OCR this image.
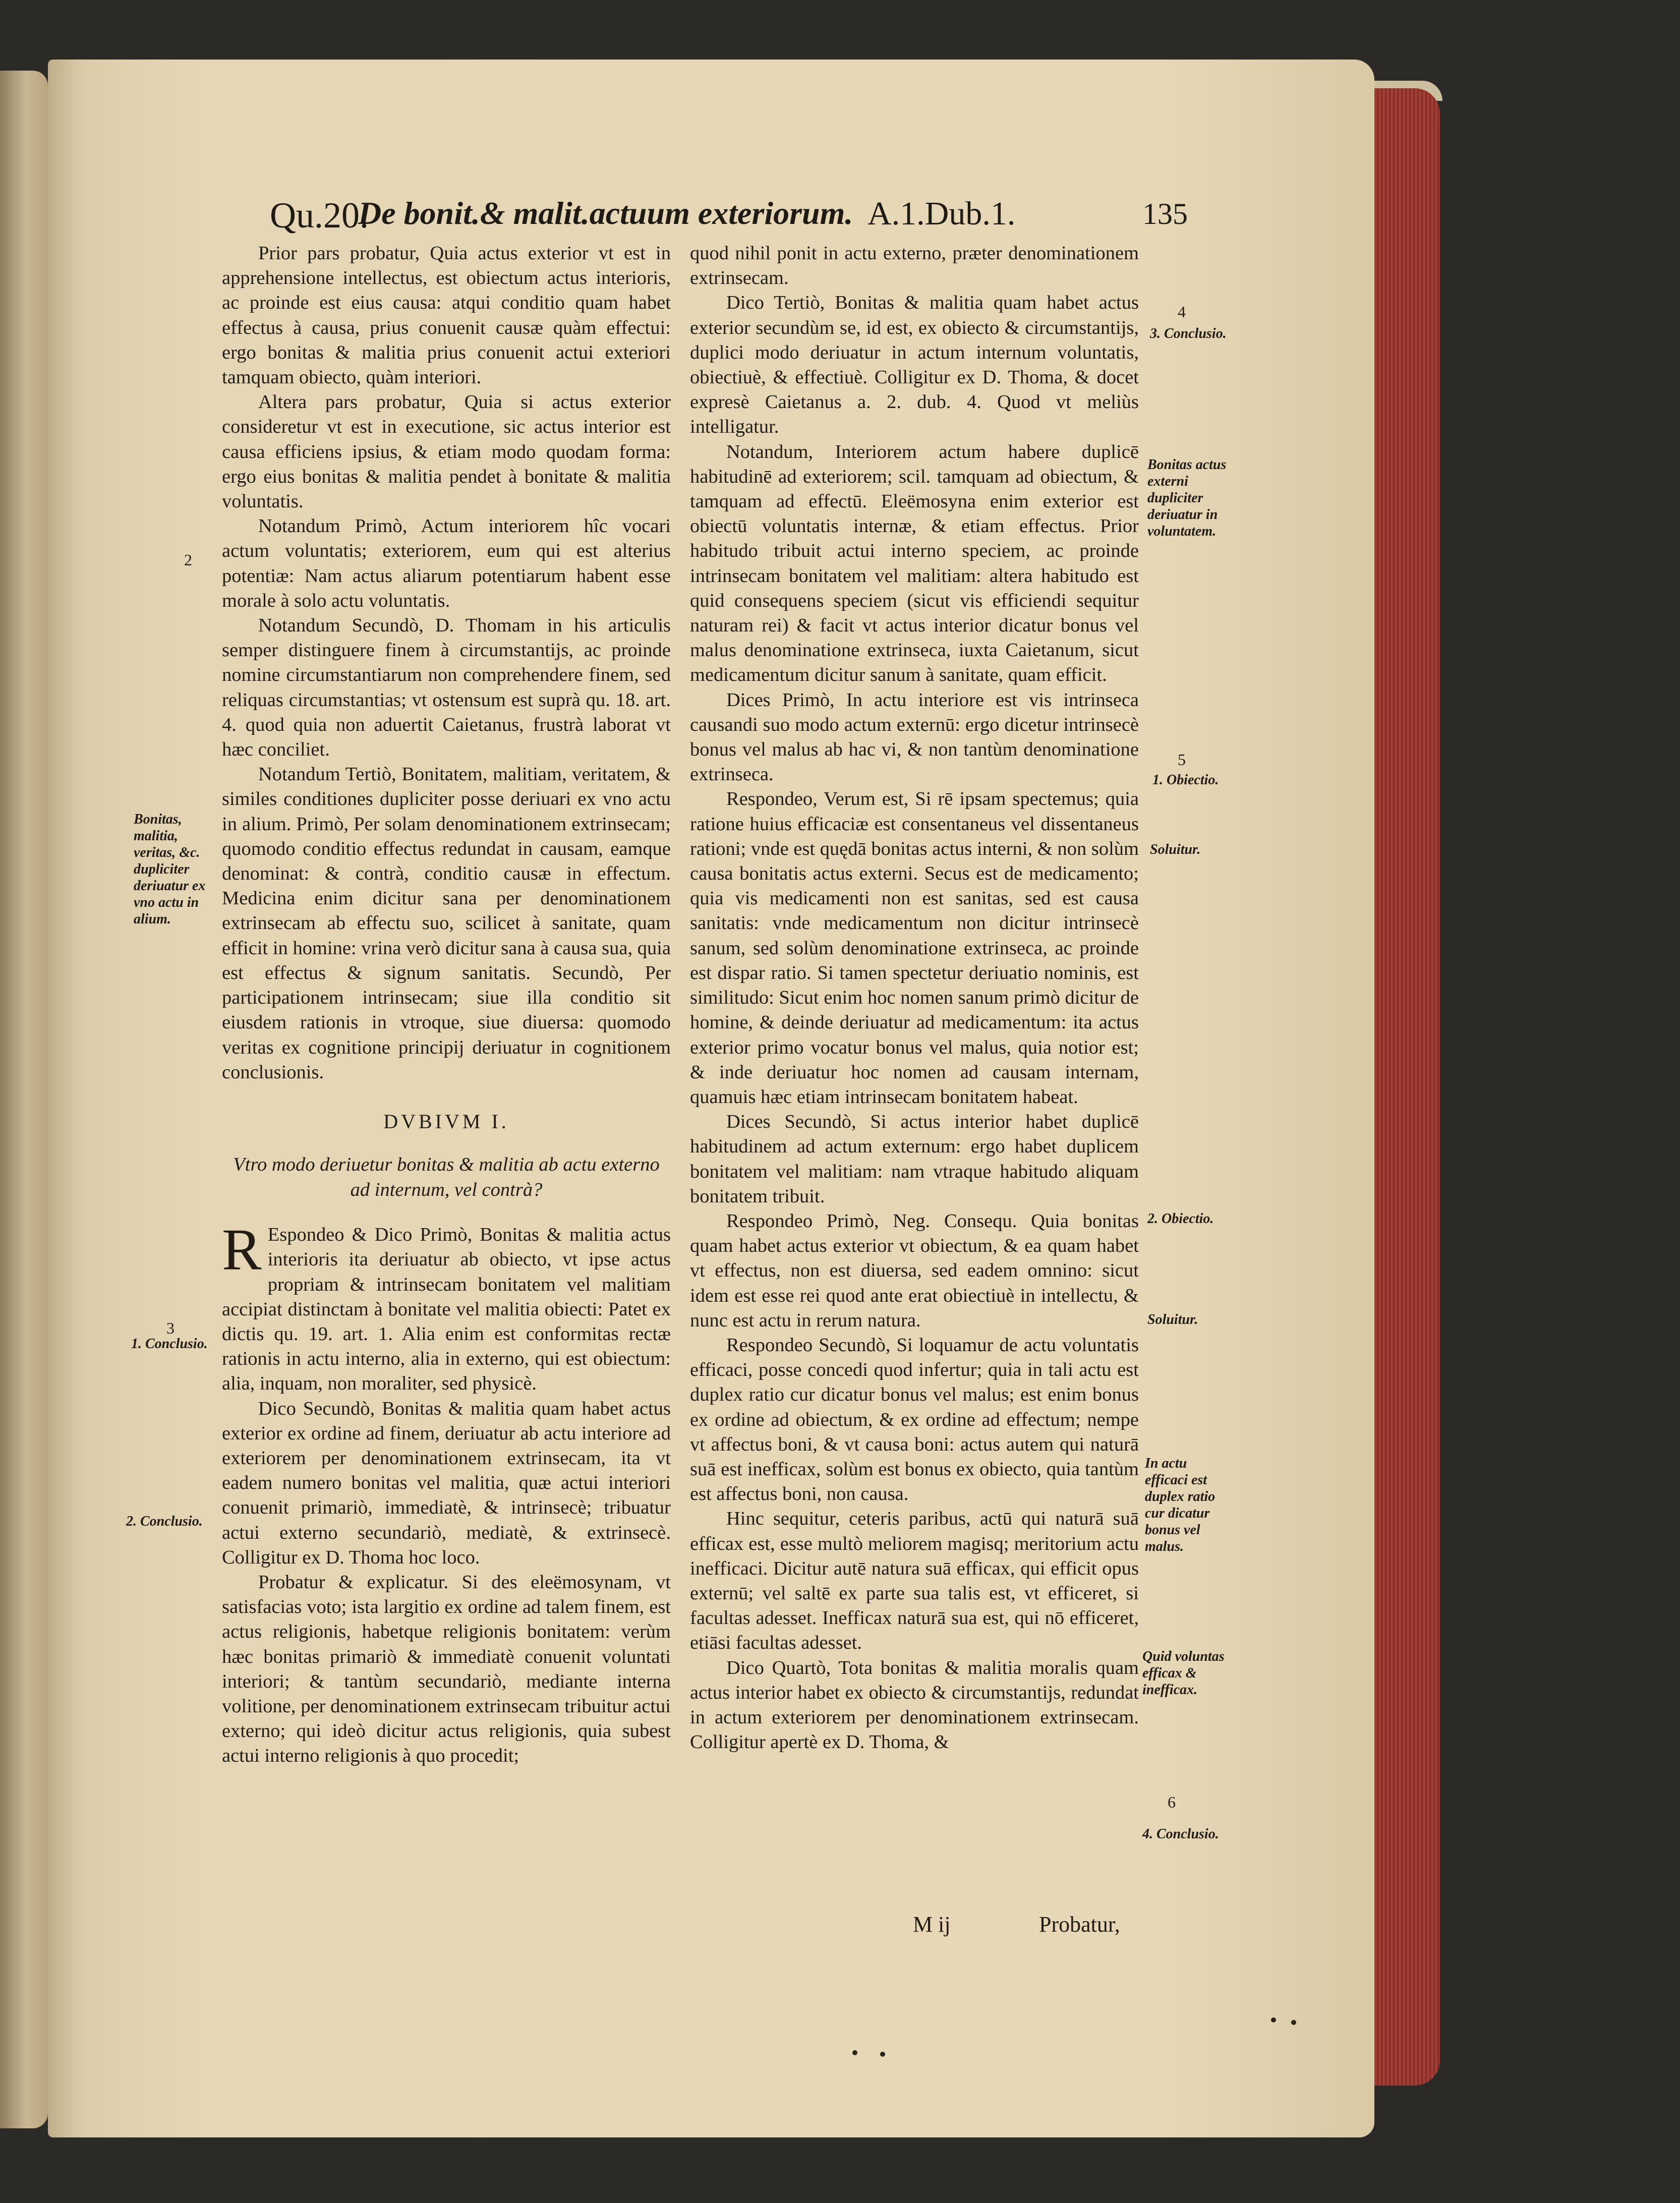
Qu.20.
De bonit.& malit.actuum exteriorum. A.1.Dub.1.	135

Prior pars probatur, Quia actus exterior vt est in apprehensione intellectus, est obiectum actus interioris, ac proinde est eius causa: atqui conditio quam habet effectus à causa, prius conuenit causæ quàm effectui: ergo bonitas & malitia prius conuenit actui exteriori tamquam obiecto, quàm interiori.

Altera pars probatur, Quia si actus exterior consideretur vt est in executione, sic actus interior est causa efficiens ipsius, & etiam modo quodam forma: ergo eius bonitas & malitia pendet à bonitate & malitia voluntatis.

Notandum Primò, Actum interiorem hîc vocari actum voluntatis; exteriorem, eum qui est alterius potentiæ: Nam actus aliarum potentiarum habent esse morale à solo actu voluntatis.

Notandum Secundò, D. Thomam in his articulis semper distinguere finem à circumstantijs, ac proinde nomine circumstantiarum non comprehendere finem, sed reliquas circumstantias; vt ostensum est suprà qu. 18. art. 4. quod quia non aduertit Caietanus, frustrà laborat vt hæc conciliet.

Notandum Tertiò, Bonitatem, malitiam, veritatem, & similes conditiones dupliciter posse deriuari ex vno actu in alium. Primò, Per solam denominationem extrinsecam; quomodo conditio effectus redundat in causam, eamque denominat: & contrà, conditio causæ in effectum. Medicina enim dicitur sana per denominationem extrinsecam ab effectu suo, scilicet à sanitate, quam efficit in homine: vrina verò dicitur sana à causa sua, quia est effectus & signum sanitatis. Secundò, Per participationem intrinsecam; siue illa conditio sit eiusdem rationis in vtroque, siue diuersa: quomodo veritas ex cognitione principij deriuatur in cognitionem conclusionis.

DVBIVM I.

Vtro modo deriuetur bonitas & malitia ab actu externo ad internum, vel contrà?

R Espondeo & Dico Primò, Bonitas & malitia actus interioris ita deriuatur ab obiecto, vt ipse actus propriam & intrinsecam bonitatem vel malitiam accipiat distinctam à bonitate vel malitia obiecti: Patet ex dictis qu. 19. art. 1. Alia enim est conformitas rectæ rationis in actu interno, alia in externo, qui est obiectum: alia, inquam, non moraliter, sed physicè.

Dico Secundò, Bonitas & malitia quam habet actus exterior ex ordine ad finem, deriuatur ab actu interiore ad exteriorem per denominationem extrinsecam, ita vt eadem numero bonitas vel malitia, quæ actui interiori conuenit primariò, immediatè, & intrinsecè; tribuatur actui externo secundariò, mediatè, & extrinsecè. Colligitur ex D. Thoma hoc loco.

Probatur & explicatur. Si des eleëmosynam, vt satisfacias voto; ista largitio ex ordine ad talem finem, est actus religionis, habetque religionis bonitatem: verùm hæc bonitas primariò & immediatè conuenit voluntati interiori; & tantùm secundariò, mediante interna volitione, per denominationem extrinsecam tribuitur actui externo; qui ideò dicitur actus religionis, quia subest actui interno religionis à quo procedit;

quod nihil ponit in actu externo, præter denominationem extrinsecam.

Dico Tertiò, Bonitas & malitia quam habet actus exterior secundùm se, id est, ex obiecto & circumstantijs, duplici modo deriuatur in actum internum voluntatis, obiectiuè, & effectiuè. Colligitur ex D. Thoma, & docet expresè Caietanus a. 2. dub. 4. Quod vt meliùs intelligatur.

Notandum, Interiorem actum habere duplicē habitudinē ad exteriorem; scil. tamquam ad obiectum, & tamquam ad effectū. Eleëmosyna enim exterior est obiectū voluntatis internæ, & etiam effectus. Prior habitudo tribuit actui interno speciem, ac proinde intrinsecam bonitatem vel malitiam: altera habitudo est quid consequens speciem (sicut vis efficiendi sequitur naturam rei) & facit vt actus interior dicatur bonus vel malus denominatione extrinseca, iuxta Caietanum, sicut medicamentum dicitur sanum à sanitate, quam efficit.

Dices Primò, In actu interiore est vis intrinseca causandi suo modo actum externū: ergo dicetur intrinsecè bonus vel malus ab hac vi, & non tantùm denominatione extrinseca.

Respondeo, Verum est, Si rē ipsam spectemus; quia ratione huius efficaciæ est consentaneus vel dissentaneus rationi; vnde est quędā bonitas actus interni, & non solùm causa bonitatis actus externi. Secus est de medicamento; quia vis medicamenti non est sanitas, sed est causa sanitatis: vnde medicamentum non dicitur intrinsecè sanum, sed solùm denominatione extrinseca, ac proinde est dispar ratio. Si tamen spectetur deriuatio nominis, est similitudo: Sicut enim hoc nomen sanum primò dicitur de homine, & deinde deriuatur ad medicamentum: ita actus exterior primo vocatur bonus vel malus, quia notior est; & inde deriuatur hoc nomen ad causam internam, quamuis hæc etiam intrinsecam bonitatem habeat.

Dices Secundò, Si actus interior habet duplicē habitudinem ad actum externum: ergo habet duplicem bonitatem vel malitiam: nam vtraque habitudo aliquam bonitatem tribuit.

Respondeo Primò, Neg. Consequ. Quia bonitas quam habet actus exterior vt obiectum, & ea quam habet vt effectus, non est diuersa, sed eadem omnino: sicut idem est esse rei quod ante erat obiectiuè in intellectu, & nunc est actu in rerum natura.

Respondeo Secundò, Si loquamur de actu voluntatis efficaci, posse concedi quod infertur; quia in tali actu est duplex ratio cur dicatur bonus vel malus; est enim bonus ex ordine ad obiectum, & ex ordine ad effectum; nempe vt affectus boni, & vt causa boni: actus autem qui naturā suā est inefficax, solùm est bonus ex obiecto, quia tantùm est affectus boni, non causa.

Hinc sequitur, ceteris paribus, actū qui naturā suā efficax est, esse multò meliorem magisq; meritorium actu inefficaci. Dicitur autē natura suā efficax, qui efficit opus externū; vel saltē ex parte sua talis est, vt efficeret, si facultas adesset. Inefficax naturā sua est, qui nō efficeret, etiāsi facultas adesset.

Dico Quartò, Tota bonitas & malitia moralis quam actus interior habet ex obiecto & circumstantijs, redundat in actum exteriorem per denominationem extrinsecam. Colligitur apertè ex D. Thoma, &

2
Bonitas, malitia, veritas, &c. dupliciter deriuatur ex vno actu in alium.
3
1. Conclusio.
2. Conclusio.
4
3. Conclusio.
Bonitas actus externi dupliciter deriuatur in voluntatem.
5
1. Obiectio.
Soluitur.
2. Obiectio.
Soluitur.
In actu efficaci est duplex ratio cur dicatur bonus vel malus.
Quid voluntas efficax & inefficax.
6
4. Conclusio.
M ij	Probatur,
